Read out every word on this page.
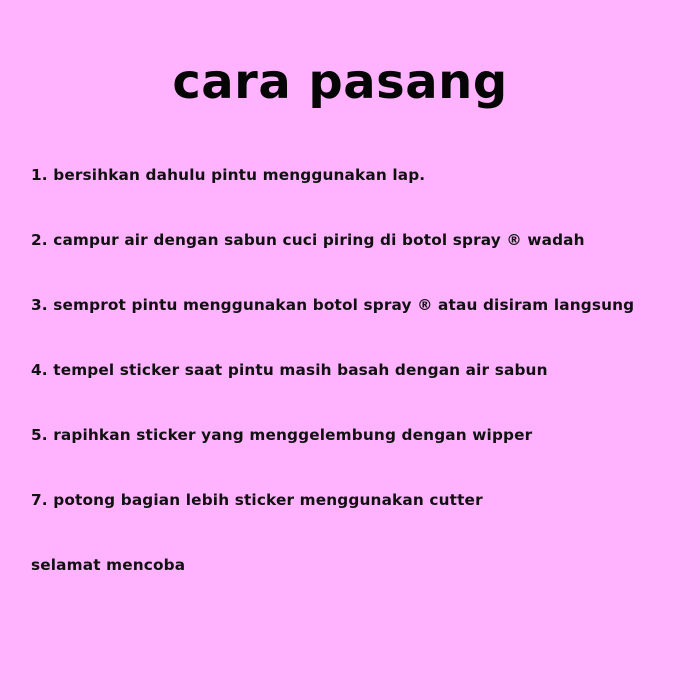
cara pasang
1. bersihkan dahulu pintu menggunakan lap.
2. campur air dengan sabun cuci piring di botol spray ® wadah
3. semprot pintu menggunakan botol spray ® atau disiram langsung
4. tempel sticker saat pintu masih basah dengan air sabun
5. rapihkan sticker yang menggelembung dengan wipper
7. potong bagian lebih sticker menggunakan cutter

selamat mencoba
